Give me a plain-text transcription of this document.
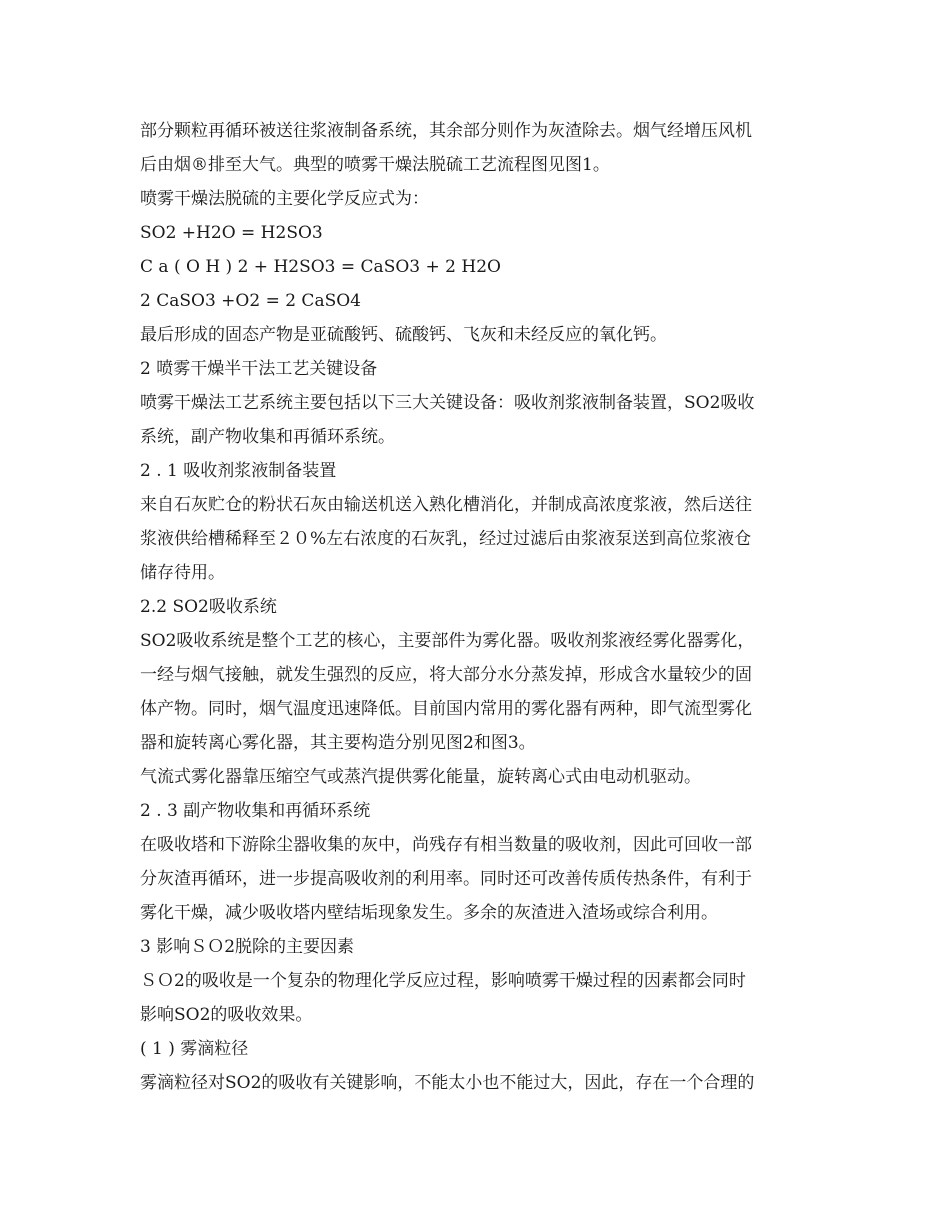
部分颗粒再循环被送往浆液制备系统，其余部分则作为灰渣除去。烟气经增压风机
后由烟®排至大气。典型的喷雾干燥法脱硫工艺流程图见图1。
喷雾干燥法脱硫的主要化学反应式为：
SO2 +H2O = H2SO3
C a ( O H ) 2 + H2SO3 = CaSO3 + 2 H2O
2 CaSO3 +O2 = 2 CaSO4
最后形成的固态产物是亚硫酸钙、硫酸钙、飞灰和未经反应的氧化钙。
2 喷雾干燥半干法工艺关键设备
喷雾干燥法工艺系统主要包括以下三大关键设备：吸收剂浆液制备装置，SO2吸收
系统，副产物收集和再循环系统。
2 . 1 吸收剂浆液制备装置
来自石灰贮仓的粉状石灰由输送机送入熟化槽消化，并制成高浓度浆液，然后送往
浆液供给槽稀释至２０%左右浓度的石灰乳，经过过滤后由浆液泵送到高位浆液仓
储存待用。
2.2 SO2吸收系统
SO2吸收系统是整个工艺的核心，主要部件为雾化器。吸收剂浆液经雾化器雾化，
一经与烟气接触，就发生强烈的反应，将大部分水分蒸发掉，形成含水量较少的固
体产物。同时，烟气温度迅速降低。目前国内常用的雾化器有两种，即气流型雾化
器和旋转离心雾化器，其主要构造分别见图2和图3。
气流式雾化器靠压缩空气或蒸汽提供雾化能量，旋转离心式由电动机驱动。
2 . 3 副产物收集和再循环系统
在吸收塔和下游除尘器收集的灰中，尚残存有相当数量的吸收剂，因此可回收一部
分灰渣再循环，进一步提高吸收剂的利用率。同时还可改善传质传热条件，有利于
雾化干燥，减少吸收塔内壁结垢现象发生。多余的灰渣进入渣场或综合利用。
3 影响ＳＯ2脱除的主要因素
ＳＯ2的吸收是一个复杂的物理化学反应过程，影响喷雾干燥过程的因素都会同时
影响SO2的吸收效果。
( 1 ) 雾滴粒径
雾滴粒径对SO2的吸收有关键影响，不能太小也不能过大，因此，存在一个合理的
